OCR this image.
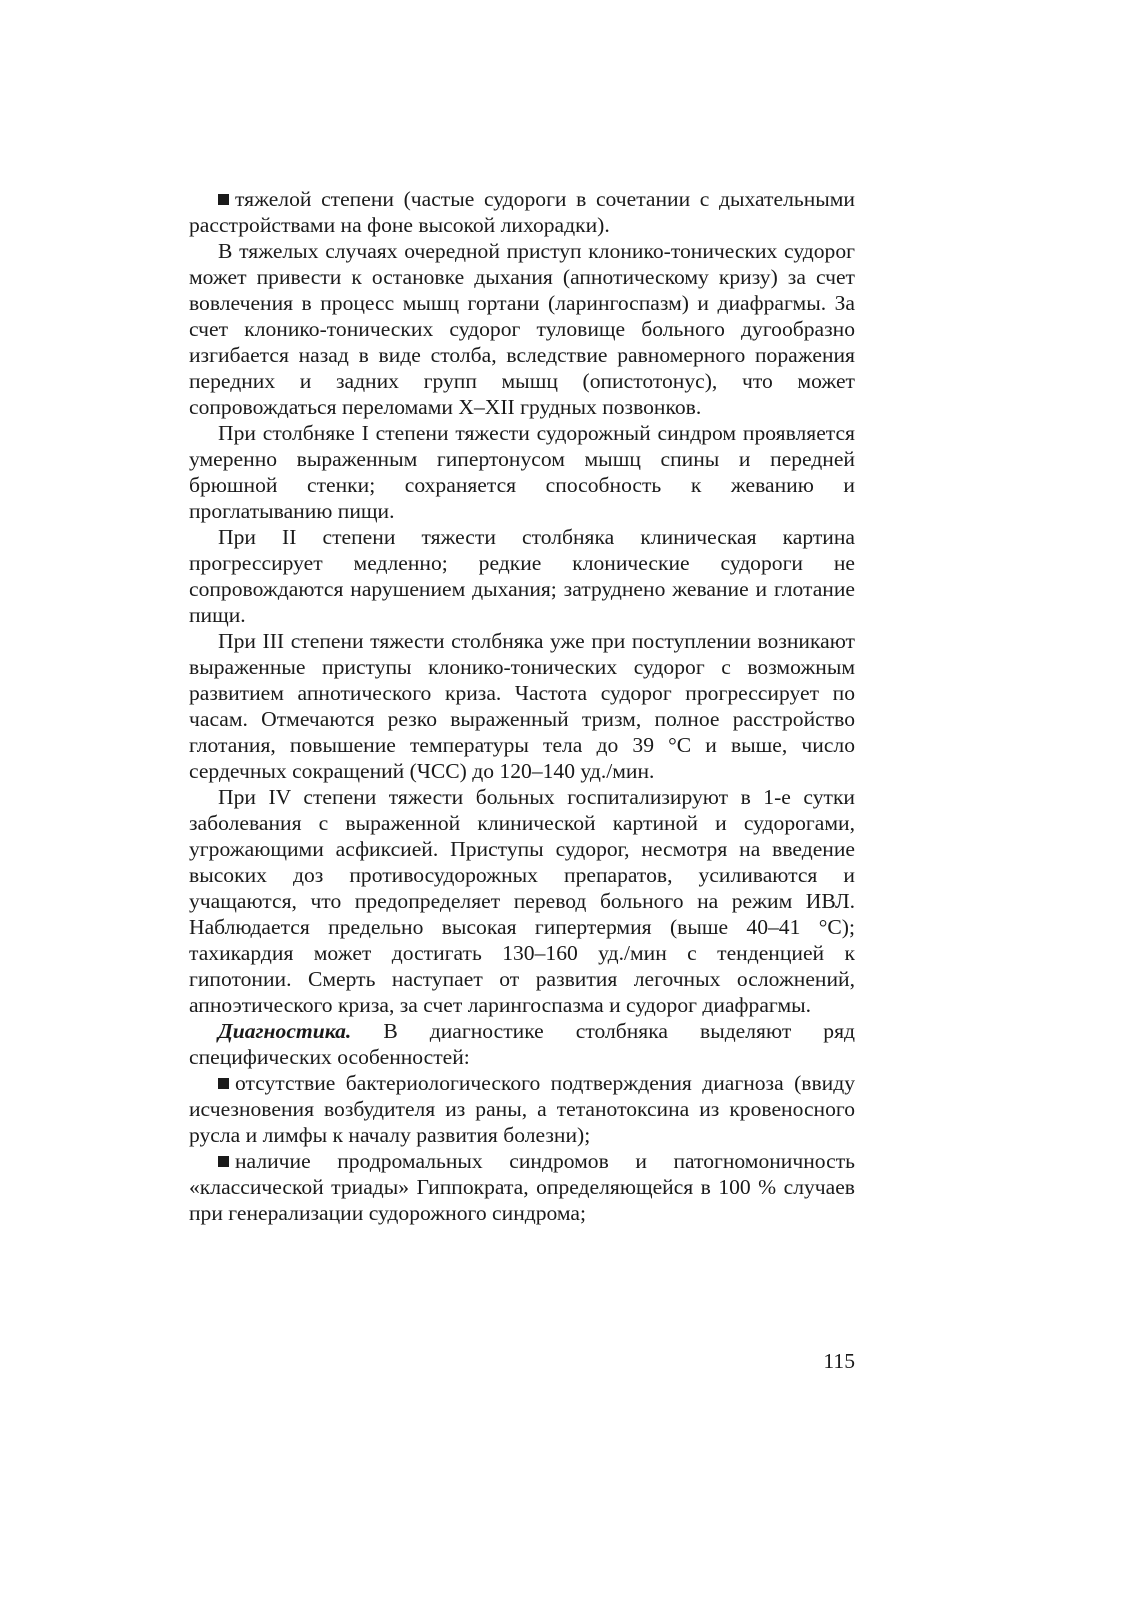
тяжелой степени (частые судороги в сочетании с дыхательными расстройствами на фоне высокой лихорадки).

В тяжелых случаях очередной приступ клонико-тонических судорог может привести к остановке дыхания (апнотическому кризу) за счет вовлечения в процесс мышц гортани (ларингоспазм) и диафрагмы. За счет клонико-тонических судорог туловище больного дугообразно изгибается назад в виде столба, вследствие равномерного поражения передних и задних групп мышц (опистотонус), что может сопровождаться переломами X–XII грудных позвонков.

При столбняке I степени тяжести судорожный синдром проявляется умеренно выраженным гипертонусом мышц спины и передней брюшной стенки; сохраняется способность к жеванию и проглатыванию пищи.

При II степени тяжести столбняка клиническая картина прогрессирует медленно; редкие клонические судороги не сопровождаются нарушением дыхания; затруднено жевание и глотание пищи.

При III степени тяжести столбняка уже при поступлении возникают выраженные приступы клонико-тонических судорог с возможным развитием апнотического криза. Частота судорог прогрессирует по часам. Отмечаются резко выраженный тризм, полное расстройство глотания, повышение температуры тела до 39 °С и выше, число сердечных сокращений (ЧСС) до 120–140 уд./мин.

При IV степени тяжести больных госпитализируют в 1-е сутки заболевания с выраженной клинической картиной и судорогами, угрожающими асфиксией. Приступы судорог, несмотря на введение высоких доз противосудорожных препаратов, усиливаются и учащаются, что предопределяет перевод больного на режим ИВЛ. Наблюдается предельно высокая гипертермия (выше 40–41 °С); тахикардия может достигать 130–160 уд./мин с тенденцией к гипотонии. Смерть наступает от развития легочных осложнений, апноэтического криза, за счет ларингоспазма и судорог диафрагмы.

Диагностика. В диагностике столбняка выделяют ряд специфических особенностей:

отсутствие бактериологического подтверждения диагноза (ввиду исчезновения возбудителя из раны, а тетанотоксина из кровеносного русла и лимфы к началу развития болезни);

наличие продромальных синдромов и патогномоничность «классической триады» Гиппократа, определяющейся в 100 % случаев при генерализации судорожного синдрома;

115
